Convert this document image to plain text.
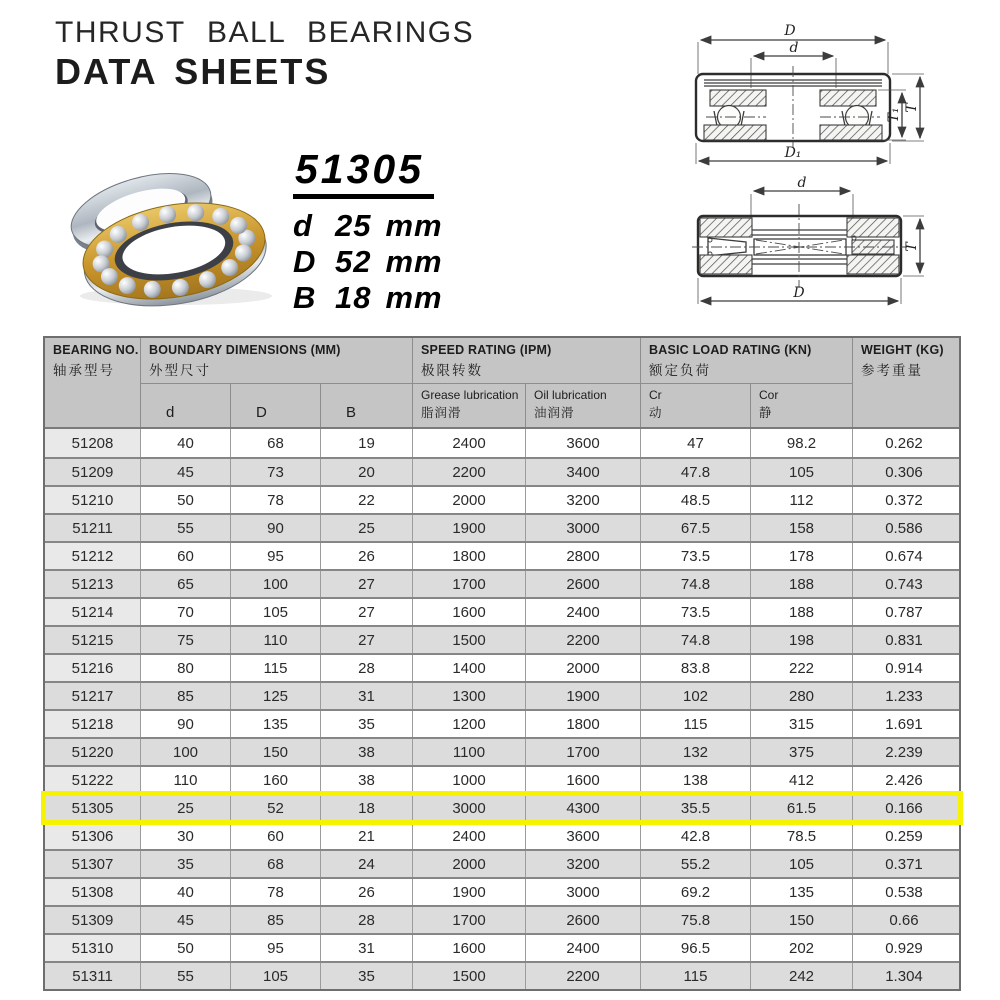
THRUST BALL BEARINGS
DATA SHEETS
51305
d 25 mm
D 52 mm
B 18 mm
D
d
D₁
T₁ T
d
D
T
BEARING NO.
轴承型号
BOUNDARY DIMENSIONS (MM)
外型尺寸
SPEED RATING (IPM)
极限转数
BASIC LOAD RATING (KN)
额定负荷
WEIGHT (KG)
参考重量
d	D	B
Grease lubrication
脂润滑
Oil lubrication
油润滑
Cr
动
Cor
静
51208	40	68	19	2400	3600	47	98.2	0.262
51209	45	73	20	2200	3400	47.8	105	0.306
51210	50	78	22	2000	3200	48.5	112	0.372
51211	55	90	25	1900	3000	67.5	158	0.586
51212	60	95	26	1800	2800	73.5	178	0.674
51213	65	100	27	1700	2600	74.8	188	0.743
51214	70	105	27	1600	2400	73.5	188	0.787
51215	75	110	27	1500	2200	74.8	198	0.831
51216	80	115	28	1400	2000	83.8	222	0.914
51217	85	125	31	1300	1900	102	280	1.233
51218	90	135	35	1200	1800	115	315	1.691
51220	100	150	38	1100	1700	132	375	2.239
51222	110	160	38	1000	1600	138	412	2.426
51305	25	52	18	3000	4300	35.5	61.5	0.166
51306	30	60	21	2400	3600	42.8	78.5	0.259
51307	35	68	24	2000	3200	55.2	105	0.371
51308	40	78	26	1900	3000	69.2	135	0.538
51309	45	85	28	1700	2600	75.8	150	0.66
51310	50	95	31	1600	2400	96.5	202	0.929
51311	55	105	35	1500	2200	115	242	1.304
